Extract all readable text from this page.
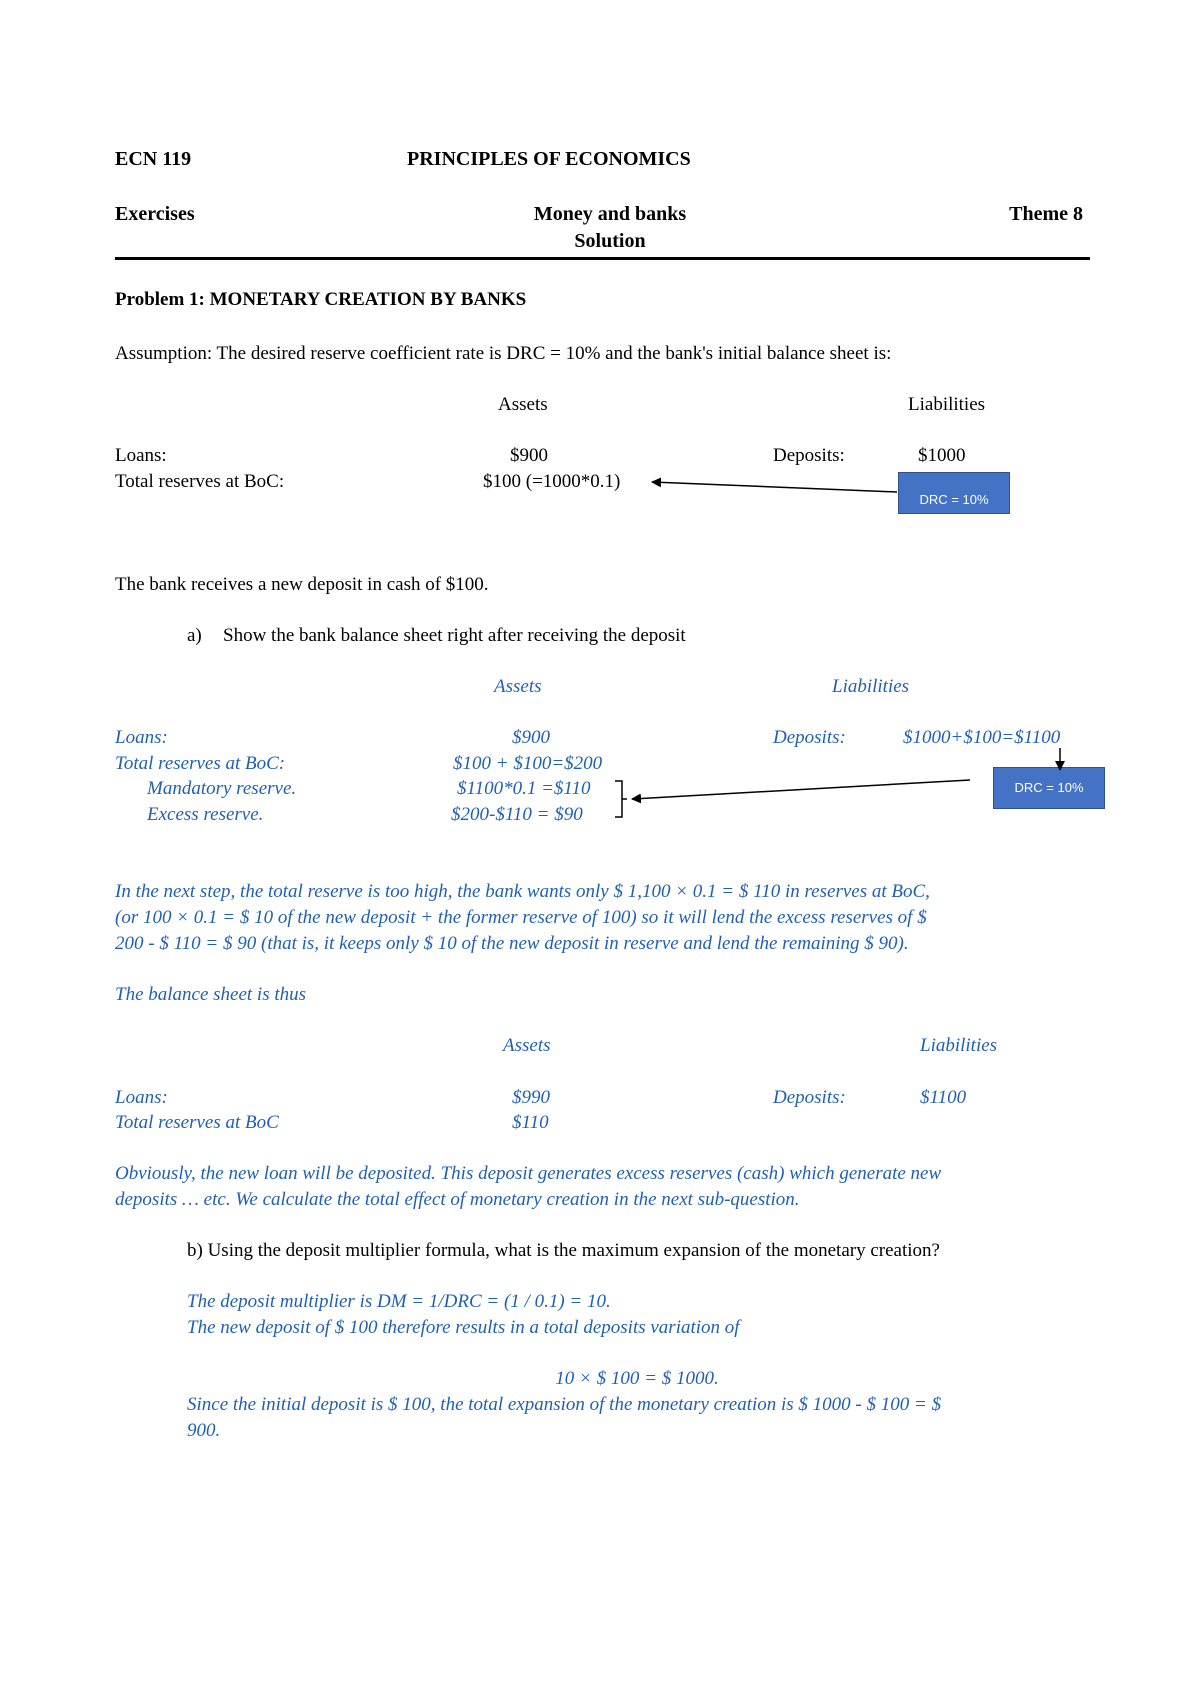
ECN 119	PRINCIPLES OF ECONOMICS
Exercises	Money and banks
Solution
Theme 8
Problem 1: MONETARY CREATION BY BANKS
Assumption: The desired reserve coefficient rate is DRC = 10% and the bank's initial balance sheet is:
Assets	Liabilities
Loans:	$900	Deposits:	$1000
Total reserves at BoC:	$100 (=1000*0.1)
DRC = 10%
The bank receives a new deposit in cash of $100.
a) Show the bank balance sheet right after receiving the deposit
Assets	Liabilities
Loans:	$900	Deposits:	$1000+$100=$1100
Total reserves at BoC:	$100 + $100=$200
Mandatory reserve.	$1100*0.1 =$110
Excess reserve.	$200-$110 = $90
DRC = 10%
In the next step, the total reserve is too high, the bank wants only $ 1,100 × 0.1 = $ 110 in reserves at BoC,
(or 100 × 0.1 = $ 10 of the new deposit + the former reserve of 100) so it will lend the excess reserves of $
200 - $ 110 = $ 90 (that is, it keeps only $ 10 of the new deposit in reserve and lend the remaining $ 90).
The balance sheet is thus
Assets	Liabilities
Loans:	$990	Deposits:	$1100
Total reserves at BoC	$110
Obviously, the new loan will be deposited. This deposit generates excess reserves (cash) which generate new
deposits … etc. We calculate the total effect of monetary creation in the next sub-question.
b) Using the deposit multiplier formula, what is the maximum expansion of the monetary creation?
The deposit multiplier is DM = 1/DRC = (1 / 0.1) = 10.
The new deposit of $ 100 therefore results in a total deposits variation of
10 × $ 100 = $ 1000.
Since the initial deposit is $ 100, the total expansion of the monetary creation is $ 1000 - $ 100 = $
900.
